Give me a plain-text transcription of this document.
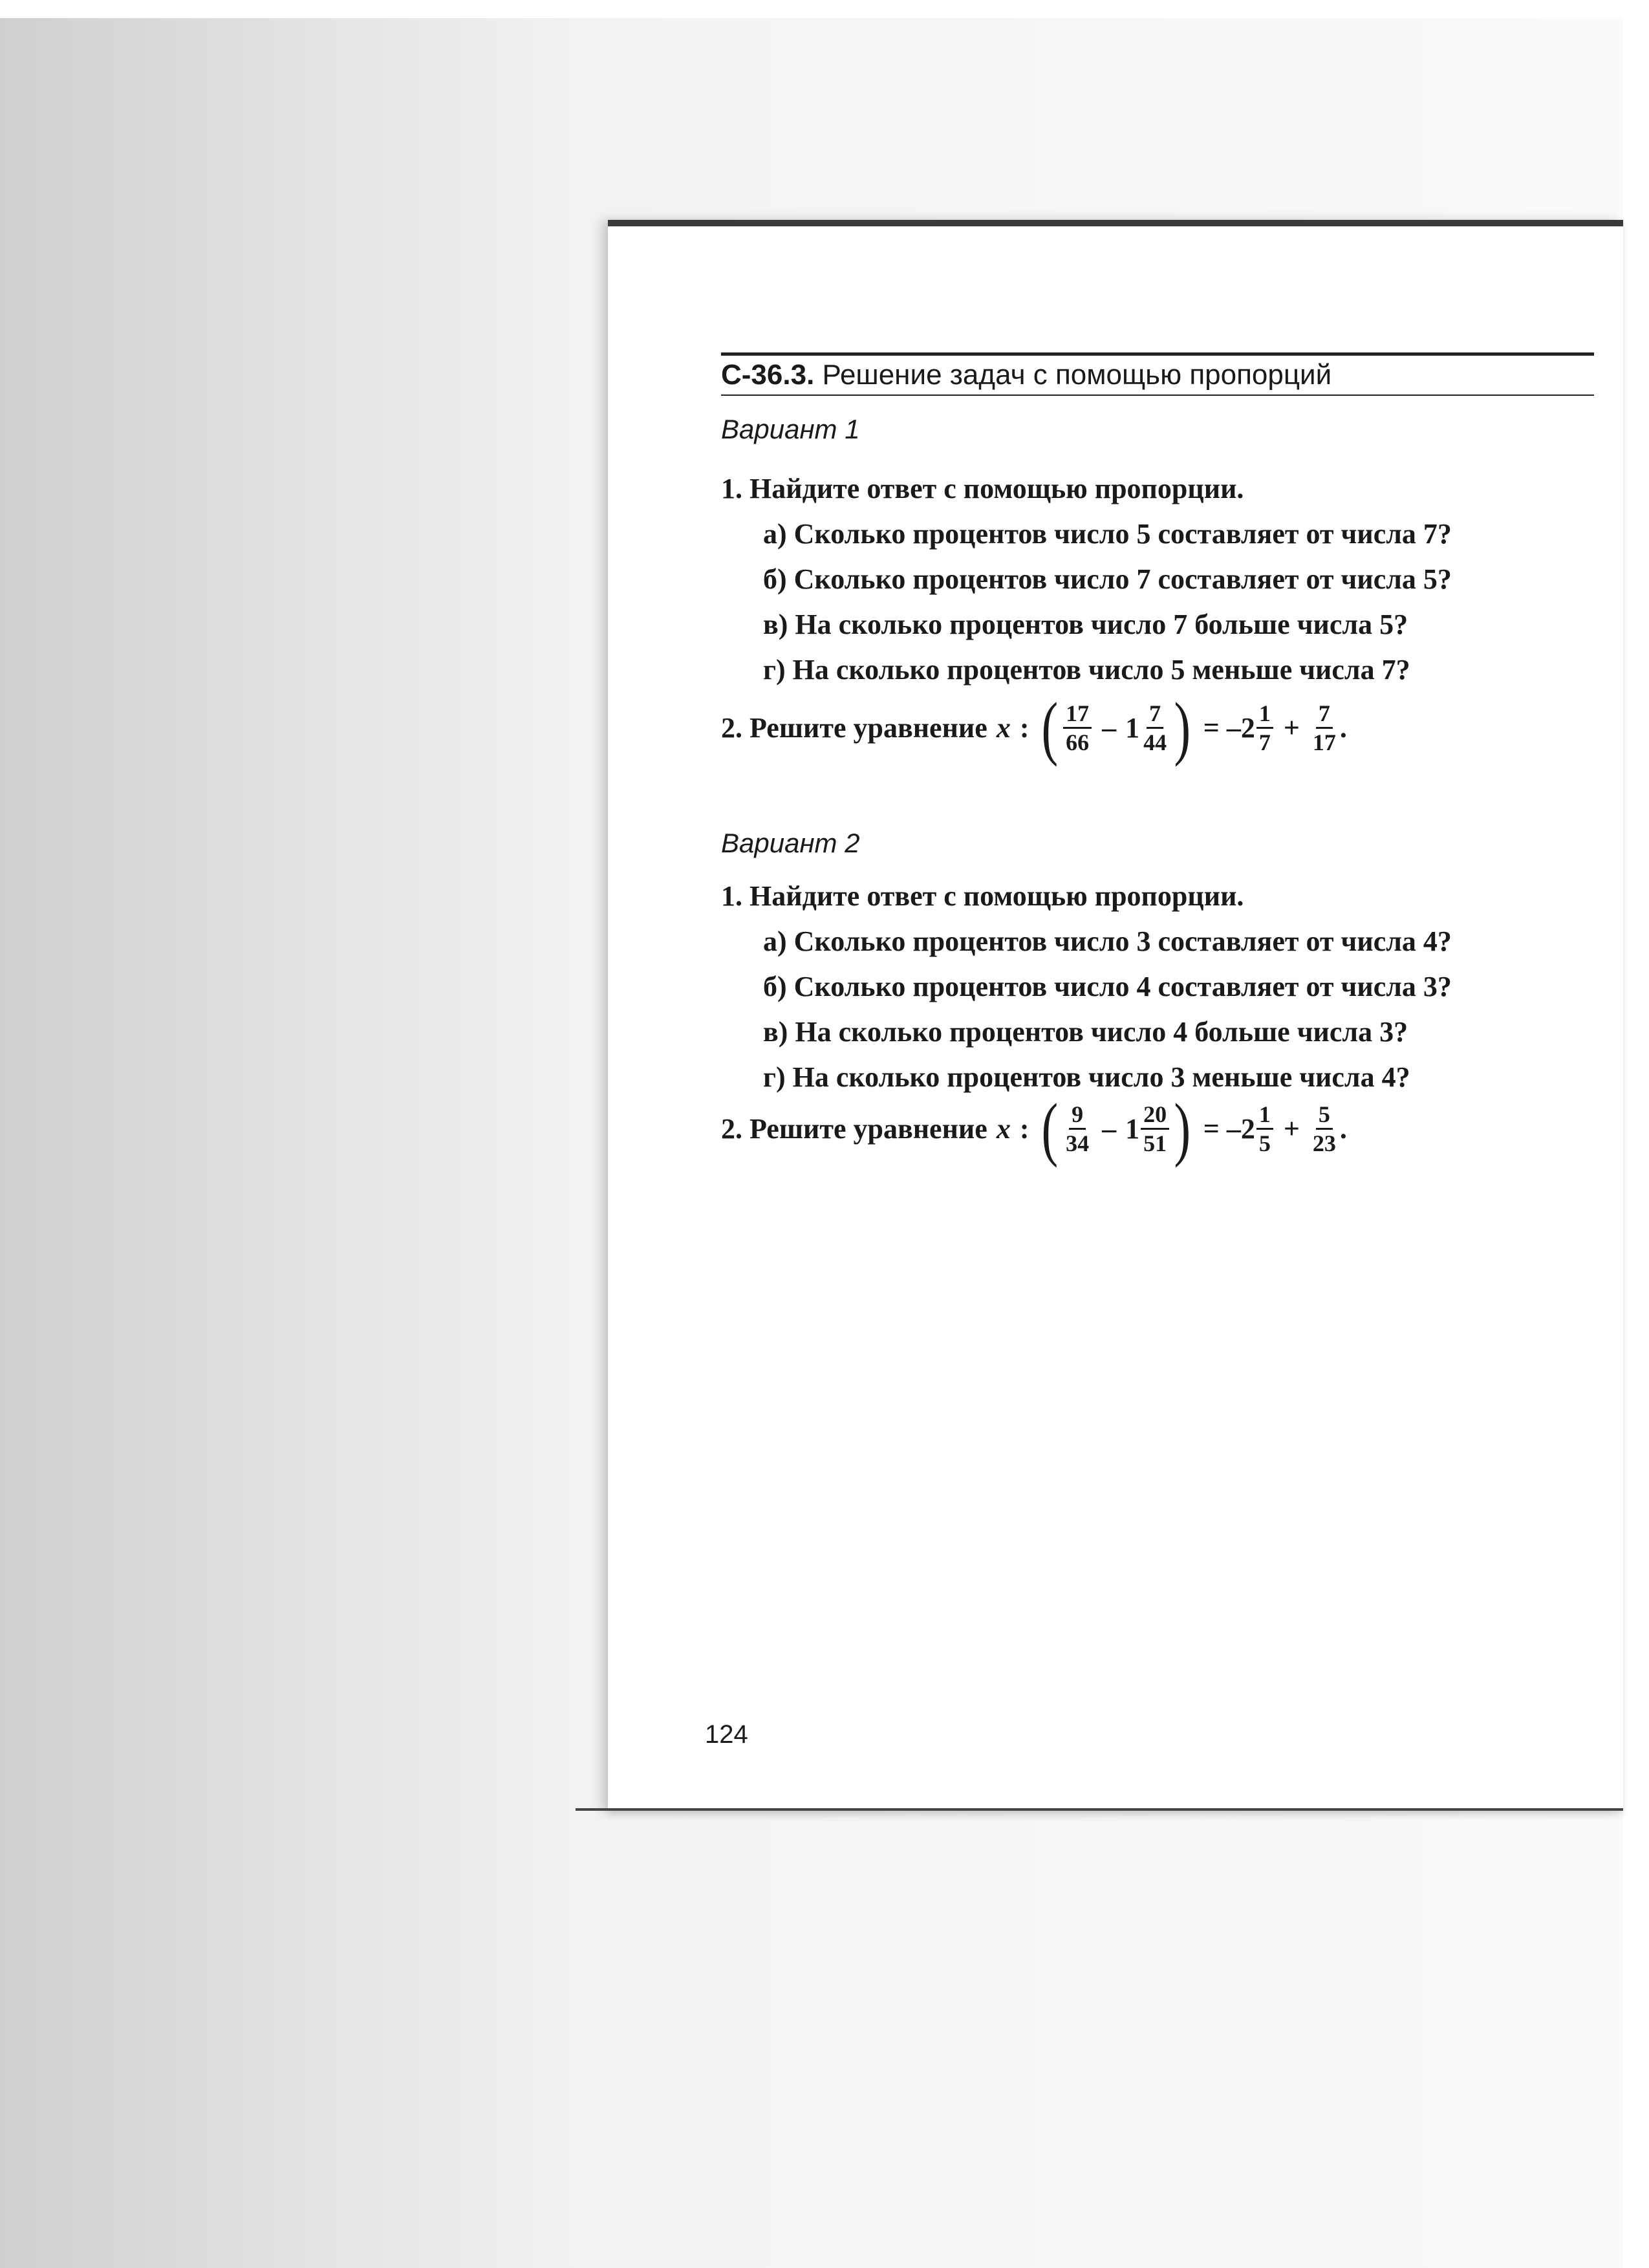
С-36.3. Решение задач с помощью пропорций
Вариант 1
1. Найдите ответ с помощью пропорции.
а) Сколько процентов число 5 составляет от числа 7?
б) Сколько процентов число 7 составляет от числа 5?
в) На сколько процентов число 7 больше числа 5?
г) На сколько процентов число 5 меньше числа 7?
2. Решите уравнение x : ( $\frac{17}{66} - 1 \frac{7}{44}$ ) = $-2 \frac{1}{7} + \frac{7}{17}$ .
Вариант 2
1. Найдите ответ с помощью пропорции.
а) Сколько процентов число 3 составляет от числа 4?
б) Сколько процентов число 4 составляет от числа 3?
в) На сколько процентов число 4 больше числа 3?
г) На сколько процентов число 3 меньше числа 4?
2. Решите уравнение x : ( $\frac{9}{34} - 1 \frac{20}{51}$ ) = $-2 \frac{1}{5} + \frac{5}{23}$ .
124
